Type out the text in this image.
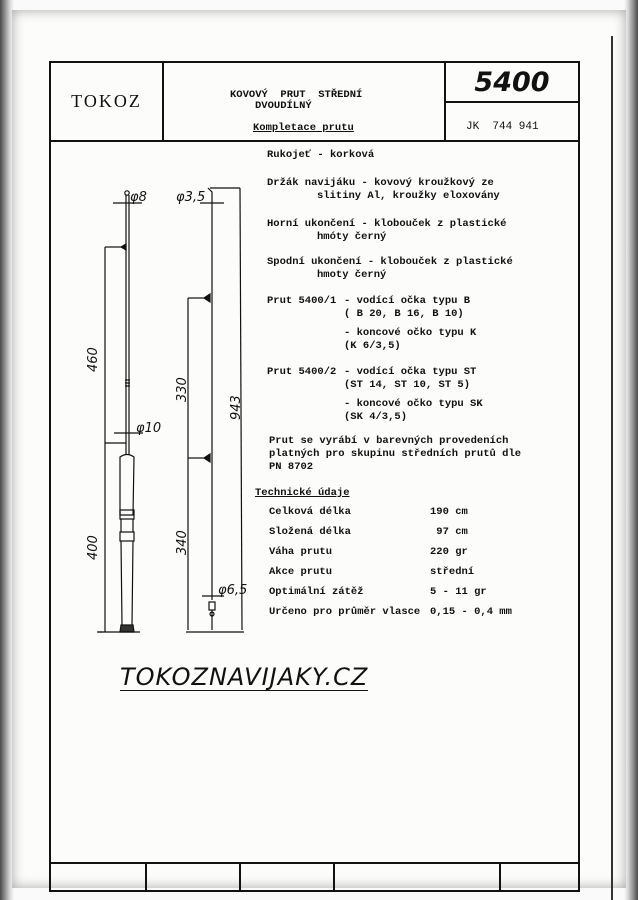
TOKOZ	KOVOVÝ  PRUT  STŘEDNÍ
DVOUDÍLNÝ
5400
JK  744 941
φ8 φ3,5
φ10
φ6,5
460
400
330
340
943
Kompletace prutu
Rukojeť - korková
Držák navijáku - kovový kroužkový ze
slitiny Al, kroužky eloxovány
Horní ukončení - klobouček z plastické
hmóty černý
Spodní ukončení - klobouček z plastické
hmoty černý
Prut 5400/1 - vodící očka typu B
( B 20, B 16, B 10)
- koncové očko typu K
(K 6/3,5)
Prut 5400/2 - vodící očka typu ST
(ST 14, ST 10, ST 5)
- koncové očko typu SK
(SK 4/3,5)
Prut se vyrábí v barevných provedeních
platných pro skupinu středních prutů dle
PN 8702
Technické údaje
Celková délka	190 cm
Složená délka	97 cm
Váha prutu	220 gr
Akce prutu	střední
Optimální zátěž	5 - 11 gr
Určeno pro průměr vlasce 0,15 - 0,4 mm
TOKOZNAVIJAKY.CZ
